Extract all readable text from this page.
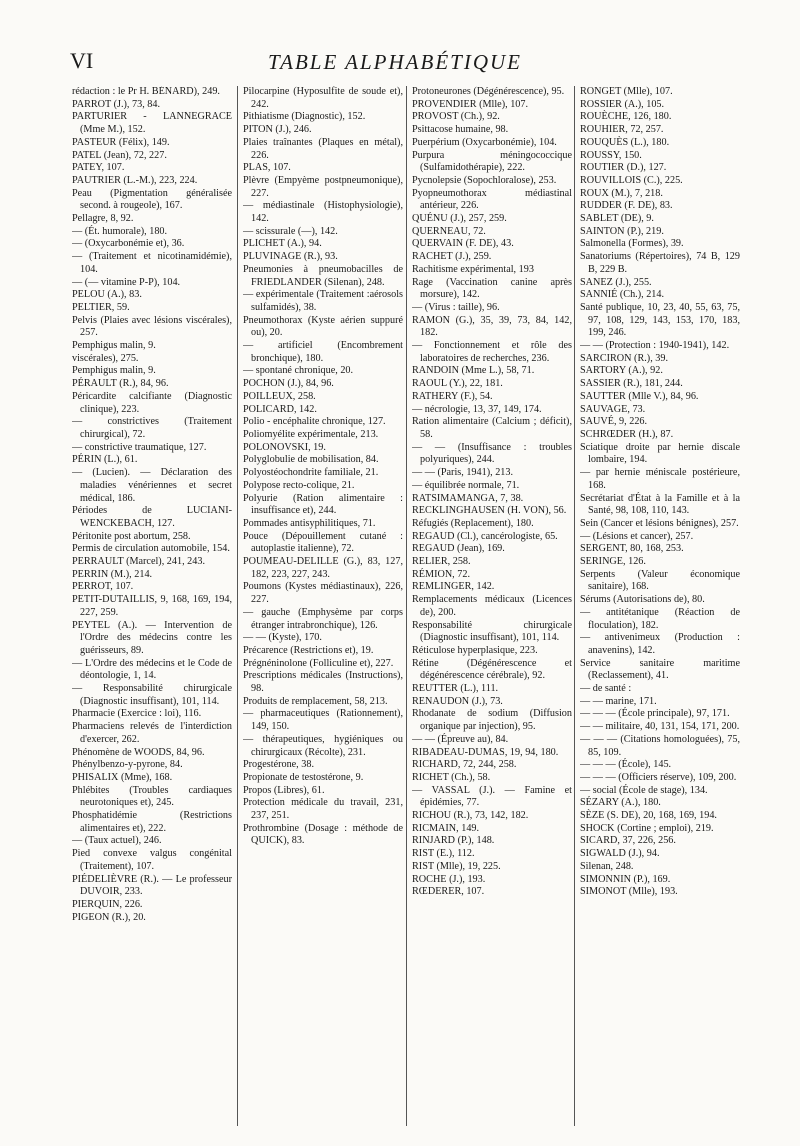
VI	TABLE ALPHABÉTIQUE
rédaction : le Pr H. BÉNARD), 249.
PARROT (J.), 73, 84.
PARTURIER - LANNEGRACE (Mme M.), 152.
PASTEUR (Félix), 149.
PATEL (Jean), 72, 227.
PATEY, 107.
PAUTRIER (L.-M.), 223, 224.
Peau (Pigmentation généralisée second. à rougeole), 167.
Pellagre, 8, 92.
— (Ét. humorale), 180.
— (Oxycarbonémie et), 36.
— (Traitement et nicotinamidémie), 104.
— (— vitamine P-P), 104.
PELOU (A.), 83.
PELTIER, 59.
Pelvis (Plaies avec lésions viscérales), 257.
Pemphigus malin, 9.
viscérales), 275.
Pemphigus malin, 9.
PÉRAULT (R.), 84, 96.
Péricardite calcifiante (Diagnostic clinique), 223.
— constrictives (Traitement chirurgical), 72.
— constrictive traumatique, 127.
PÉRIN (L.), 61.
— (Lucien). — Déclaration des maladies vénériennes et secret médical, 186.
Périodes de LUCIANI-WENCKEBACH, 127.
Péritonite post abortum, 258.
Permis de circulation automobile, 154.
PERRAULT (Marcel), 241, 243.
PERRIN (M.), 214.
PERROT, 107.
PETIT-DUTAILLIS, 9, 168, 169, 194, 227, 259.
PEYTEL (A.). — Intervention de l'Ordre des médecins contre les guérisseurs, 89.
— L'Ordre des médecins et le Code de déontologie, 1, 14.
— Responsabilité chirurgicale (Diagnostic insuffisant), 101, 114.
Pharmacie (Exercice : loi), 116.
Pharmaciens relevés de l'interdiction d'exercer, 262.
Phénomène de WOODS, 84, 96.
Phénylbenzo-y-pyrone, 84.
PHISALIX (Mme), 168.
Phlébites (Troubles cardiaques neurotoniques et), 245.
Phosphatidémie (Restrictions alimentaires et), 222.
— (Taux actuel), 246.
Pied convexe valgus congénital (Traitement), 107.
PIÉDELIÈVRE (R.). — Le professeur DUVOIR, 233.
PIERQUIN, 226.
PIGEON (R.), 20.
Pilocarpine (Hyposulfite de soude et), 242.
Pithiatisme (Diagnostic), 152.
PITON (J.), 246.
Plaies traînantes (Plaques en métal), 226.
PLAS, 107.
Plèvre (Empyème postpneumonique), 227.
— médiastinale (Histophysiologie), 142.
— scissurale (—), 142.
PLICHET (A.), 94.
PLUVINAGE (R.), 93.
Pneumonies à pneumobacilles de FRIEDLANDER (Silenan), 248.
— expérimentale (Traitement :aérosols sulfamidés), 38.
Pneumothorax (Kyste aérien suppuré ou), 20.
— artificiel (Encombrement bronchique), 180.
— spontané chronique, 20.
POCHON (J.), 84, 96.
POILLEUX, 258.
POLICARD, 142.
Polio - encéphalite chronique, 127.
Poliomyélite expérimentale, 213.
POLONOVSKI, 19.
Polyglobulie de mobilisation, 84.
Polyostéochondrite familiale, 21.
Polypose recto-colique, 21.
Polyurie (Ration alimentaire : insuffisance et), 244.
Pommades antisyphilitiques, 71.
Pouce (Dépouillement cutané : autoplastie italienne), 72.
POUMEAU-DELILLE (G.), 83, 127, 182, 223, 227, 243.
Poumons (Kystes médiastinaux), 226, 227.
— gauche (Emphysème par corps étranger intrabronchique), 126.
— — (Kyste), 170.
Précarence (Restrictions et), 19.
Prégnéninolone (Folliculine et), 227.
Prescriptions médicales (Instructions), 98.
Produits de remplacement, 58, 213.
— pharmaceutiques (Rationnement), 149, 150.
— thérapeutiques, hygiéniques ou chirurgicaux (Récolte), 231.
Progestérone, 38.
Propionate de testostérone, 9.
Propos (Libres), 61.
Protection médicale du travail, 231, 237, 251.
Prothrombine (Dosage : méthode de QUICK), 83.
Protoneurones (Dégénérescence), 95.
PROVENDIER (Mlle), 107.
PROVOST (Ch.), 92.
Psittacose humaine, 98.
Puerpérium (Oxycarbonémie), 104.
Purpura méningococcique (Sulfamidothérapie), 222.
Pycnolepsie (Sopochloralose), 253.
Pyopneumothorax médiastinal antérieur, 226.
QUÉNU (J.), 257, 259.
QUERNEAU, 72.
QUERVAIN (F. DE), 43.
RACHET (J.), 259.
Rachitisme expérimental, 193
Rage (Vaccination canine après morsure), 142.
— (Virus : taille), 96.
RAMON (G.), 35, 39, 73, 84, 142, 182.
— Fonctionnement et rôle des laboratoires de recherches, 236.
RANDOIN (Mme L.), 58, 71.
RAOUL (Y.), 22, 181.
RATHERY (F.), 54.
— nécrologie, 13, 37, 149, 174.
Ration alimentaire (Calcium ; déficit), 58.
— — (Insuffisance : troubles polyuriques), 244.
— — (Paris, 1941), 213.
— équilibrée normale, 71.
RATSIMAMANGA, 7, 38.
RECKLINGHAUSEN (H. VON), 56.
Réfugiés (Replacement), 180.
REGAUD (Cl.), cancérologiste, 65.
REGAUD (Jean), 169.
RELIER, 258.
RÉMION, 72.
REMLINGER, 142.
Remplacements médicaux (Licences de), 200.
Responsabilité chirurgicale (Diagnostic insuffisant), 101, 114.
Réticulose hyperplasique, 223.
Rétine (Dégénérescence et dégénérescence cérébrale), 92.
REUTTER (L.), 111.
RENAUDON (J.), 73.
Rhodanate de sodium (Diffusion organique par injection), 95.
— — (Épreuve au), 84.
RIBADEAU-DUMAS, 19, 94, 180.
RICHARD, 72, 244, 258.
RICHET (Ch.), 58.
— VASSAL (J.). — Famine et épidémies, 77.
RICHOU (R.), 73, 142, 182.
RICMAIN, 149.
RINJARD (P.), 148.
RIST (E.), 112.
RIST (Mlle), 19, 225.
ROCHE (J.), 193.
RŒDERER, 107.
RONGET (Mlle), 107.
ROSSIER (A.), 105.
ROUÈCHE, 126, 180.
ROUHIER, 72, 257.
ROUQUÈS (L.), 180.
ROUSSY, 150.
ROUTIER (D.), 127.
ROUVILLOIS (C.), 225.
ROUX (M.), 7, 218.
RUDDER (F. DE), 83.
SABLET (DE), 9.
SAINTON (P.), 219.
Salmonella (Formes), 39.
Sanatoriums (Répertoires), 74 B, 129 B, 229 B.
SANEZ (J.), 255.
SANNIÉ (Ch.), 214.
Santé publique, 10, 23, 40, 55, 63, 75, 97, 108, 129, 143, 153, 170, 183, 199, 246.
— — (Protection : 1940-1941), 142.
SARCIRON (R.), 39.
SARTORY (A.), 92.
SASSIER (R.), 181, 244.
SAUTTER (Mlle V.), 84, 96.
SAUVAGE, 73.
SAUVÉ, 9, 226.
SCHRŒDER (H.), 87.
Sciatique droite par hernie discale lombaire, 194.
— par hernie méniscale postérieure, 168.
Secrétariat d'État à la Famille et à la Santé, 98, 108, 110, 143.
Sein (Cancer et lésions bénignes), 257.
— (Lésions et cancer), 257.
SERGENT, 80, 168, 253.
SERINGE, 126.
Serpents (Valeur économique sanitaire), 168.
Sérums (Autorisations de), 80.
— antitétanique (Réaction de floculation), 182.
— antivenimeux (Production : anavenins), 142.
Service sanitaire maritime (Reclassement), 41.
— de santé :
— — marine, 171.
— — — (École principale), 97, 171.
— — militaire, 40, 131, 154, 171, 200.
— — — (Citations homologuées), 75, 85, 109.
— — — (École), 145.
— — — (Officiers réserve), 109, 200.
— social (École de stage), 134.
SÉZARY (A.), 180.
SÈZE (S. DE), 20, 168, 169, 194.
SHOCK (Cortine ; emploi), 219.
SICARD, 37, 226, 256.
SIGWALD (J.), 94.
Silenan, 248.
SIMONNIN (P.), 169.
SIMONOT (Mlle), 193.
